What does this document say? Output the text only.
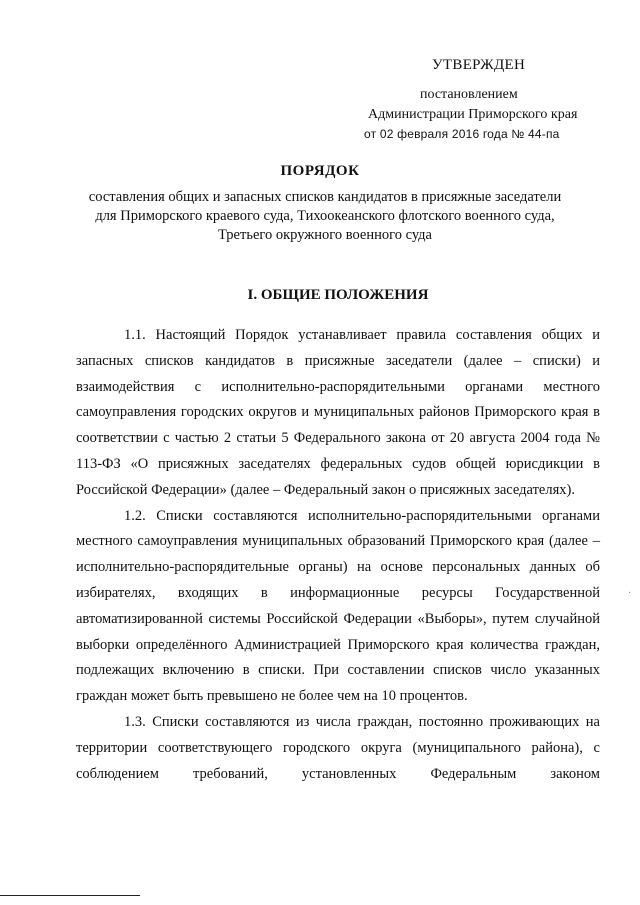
УТВЕРЖДЕН
постановлением
Администрации Приморского края
от 02 февраля 2016 года № 44-па
ПОРЯДОК
составления общих и запасных списков кандидатов в присяжные заседатели для Приморского краевого суда, Тихоокеанского флотского военного суда, Третьего окружного военного суда
I. ОБЩИЕ ПОЛОЖЕНИЯ

1.1. Настоящий Порядок устанавливает правила составления общих и запасных списков кандидатов в присяжные заседатели (далее – списки) и взаимодействия с исполнительно-распорядительными органами местного самоуправления городских округов и муниципальных районов Приморского края в соответствии с частью 2 статьи 5 Федерального закона от 20 августа 2004 года № 113-ФЗ «О присяжных заседателях федеральных судов общей юрисдикции в Российской Федерации» (далее – Федеральный закон о присяжных заседателях).

1.2. Списки составляются исполнительно-распорядительными органами местного самоуправления муниципальных образований Приморского края (далее – исполнительно-распорядительные органы) на основе персональных данных об избирателях, входящих в информационные ресурсы Государственной автоматизированной системы Российской Федерации «Выборы», путем случайной выборки определённого Администрацией Приморского края количества граждан, подлежащих включению в списки. При составлении списков число указанных граждан может быть превышено не более чем на 10 процентов.

1.3. Списки составляются из числа граждан, постоянно проживающих на территории соответствующего городского округа (муниципального района), с соблюдением требований, установленных Федеральным законом

·
